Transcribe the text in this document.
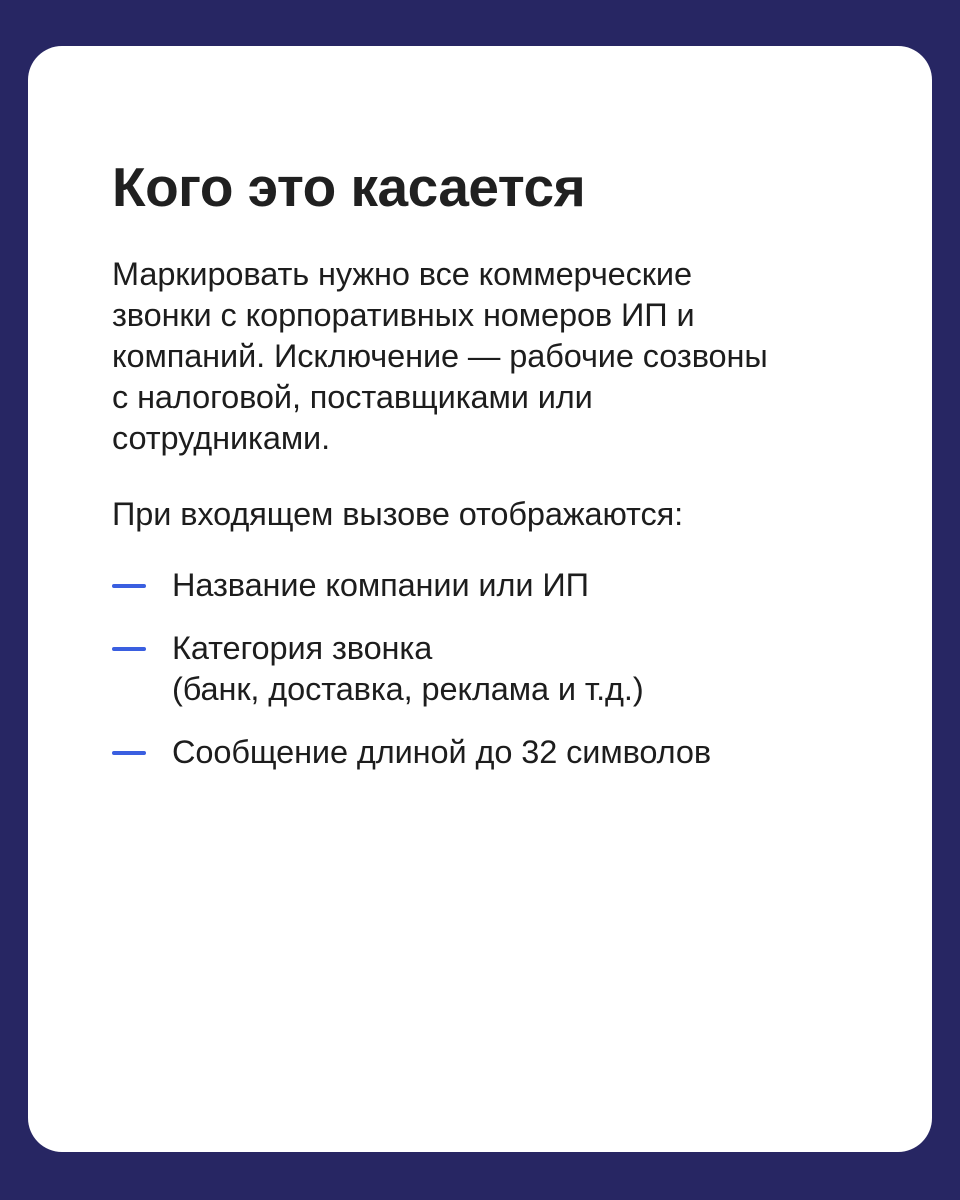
Кого это касается

Маркировать нужно все коммерческие звонки с корпоративных номеров ИП и компаний. Исключение — рабочие созвоны с налоговой, поставщиками или сотрудниками.

При входящем вызове отображаются:

Название компании или ИП
Категория звонка
(банк, доставка, реклама и т.д.)
Сообщение длиной до 32 символов
